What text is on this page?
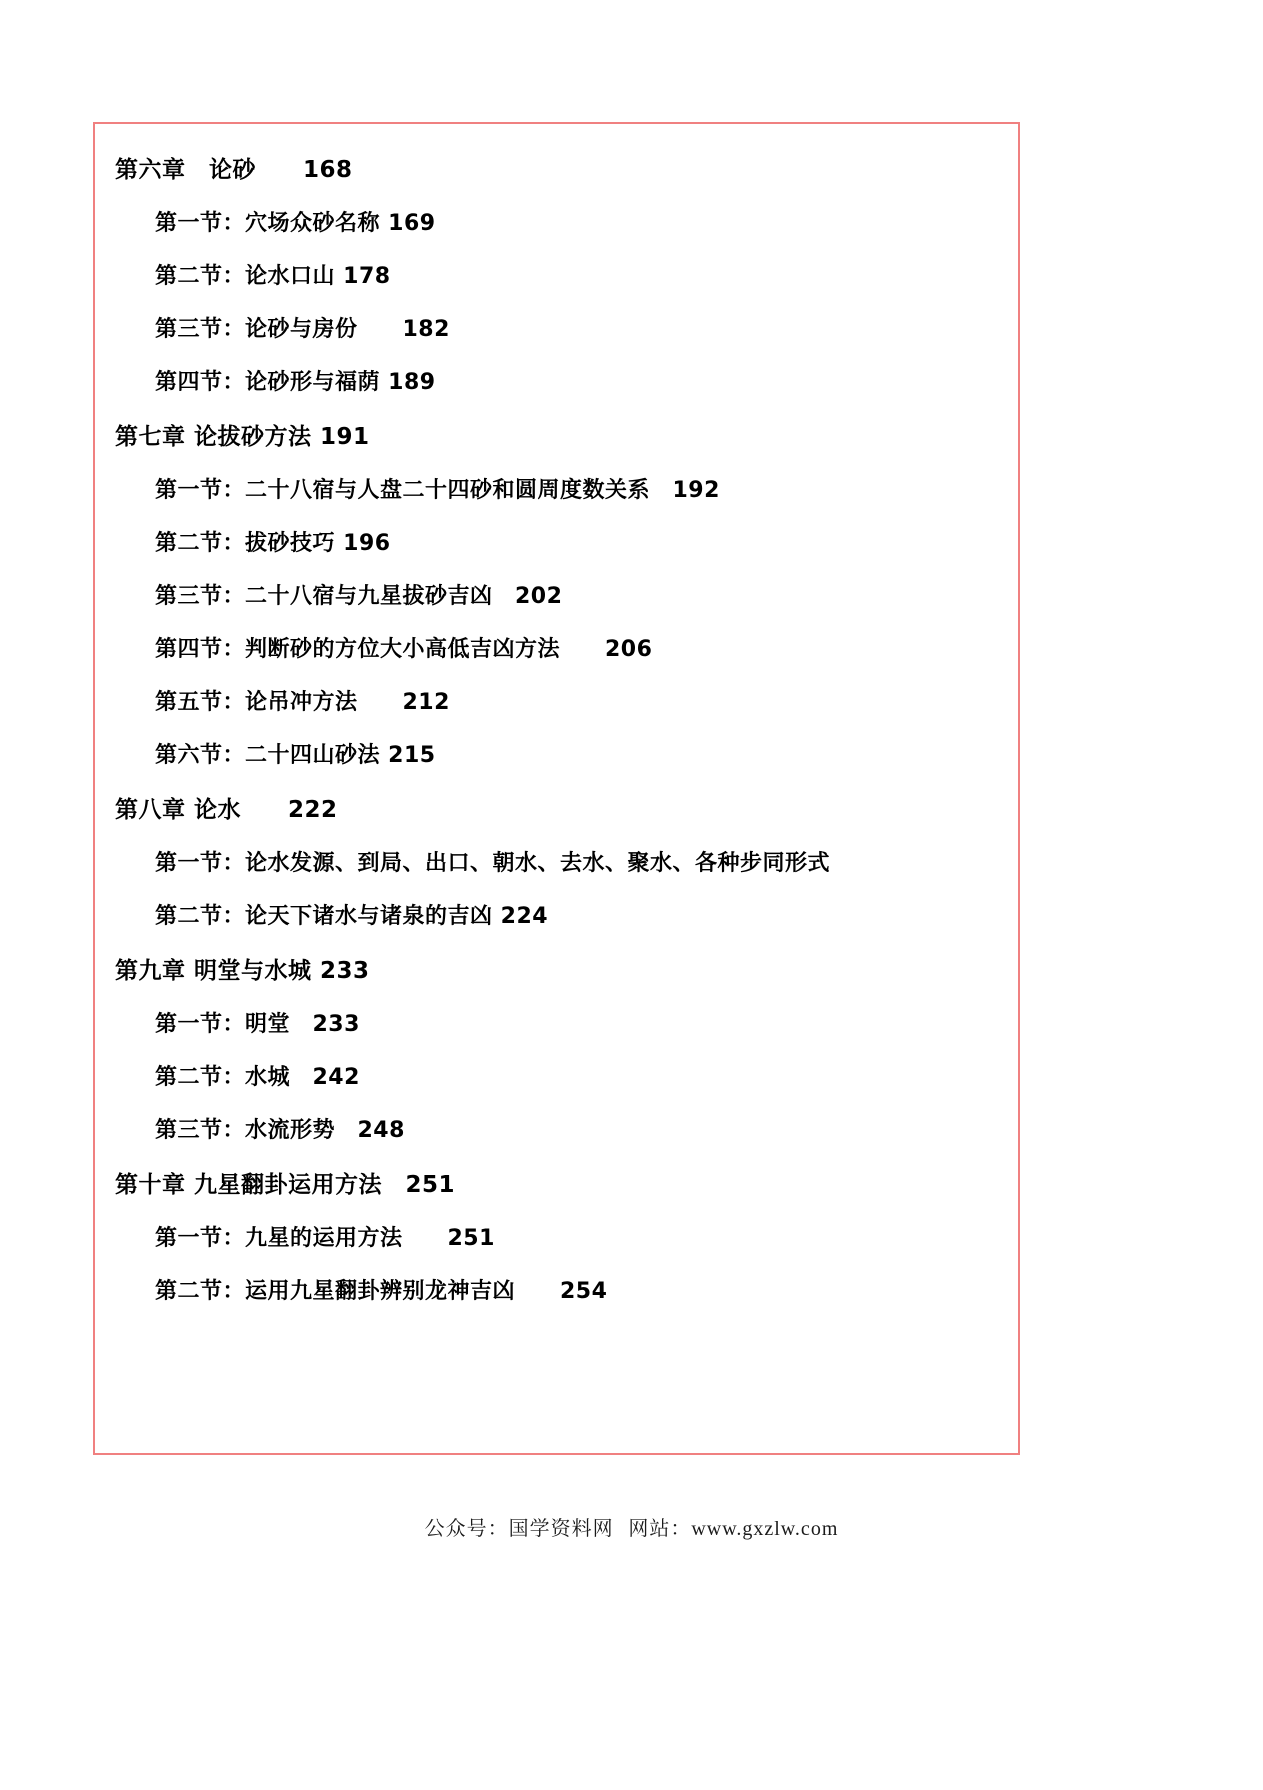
第六章　论砂　　168
第一节：穴场众砂名称 169
第二节：论水口山 178
第三节：论砂与房份　　182
第四节：论砂形与福荫 189
第七章 论拔砂方法 191
第一节：二十八宿与人盘二十四砂和圆周度数关系　192
第二节：拔砂技巧 196
第三节：二十八宿与九星拔砂吉凶　202
第四节：判断砂的方位大小高低吉凶方法　　206
第五节：论吊冲方法　　212
第六节：二十四山砂法 215
第八章 论水　　222
第一节：论水发源、到局、出口、朝水、去水、聚水、各种步同形式
第二节：论天下诸水与诸泉的吉凶 224
第九章 明堂与水城 233
第一节：明堂　233
第二节：水城　242
第三节：水流形势　248
第十章 九星翻卦运用方法　251
第一节：九星的运用方法　　251
第二节：运用九星翻卦辨别龙神吉凶　　254
公众号：国学资料网 网站：www.gxzlw.com
